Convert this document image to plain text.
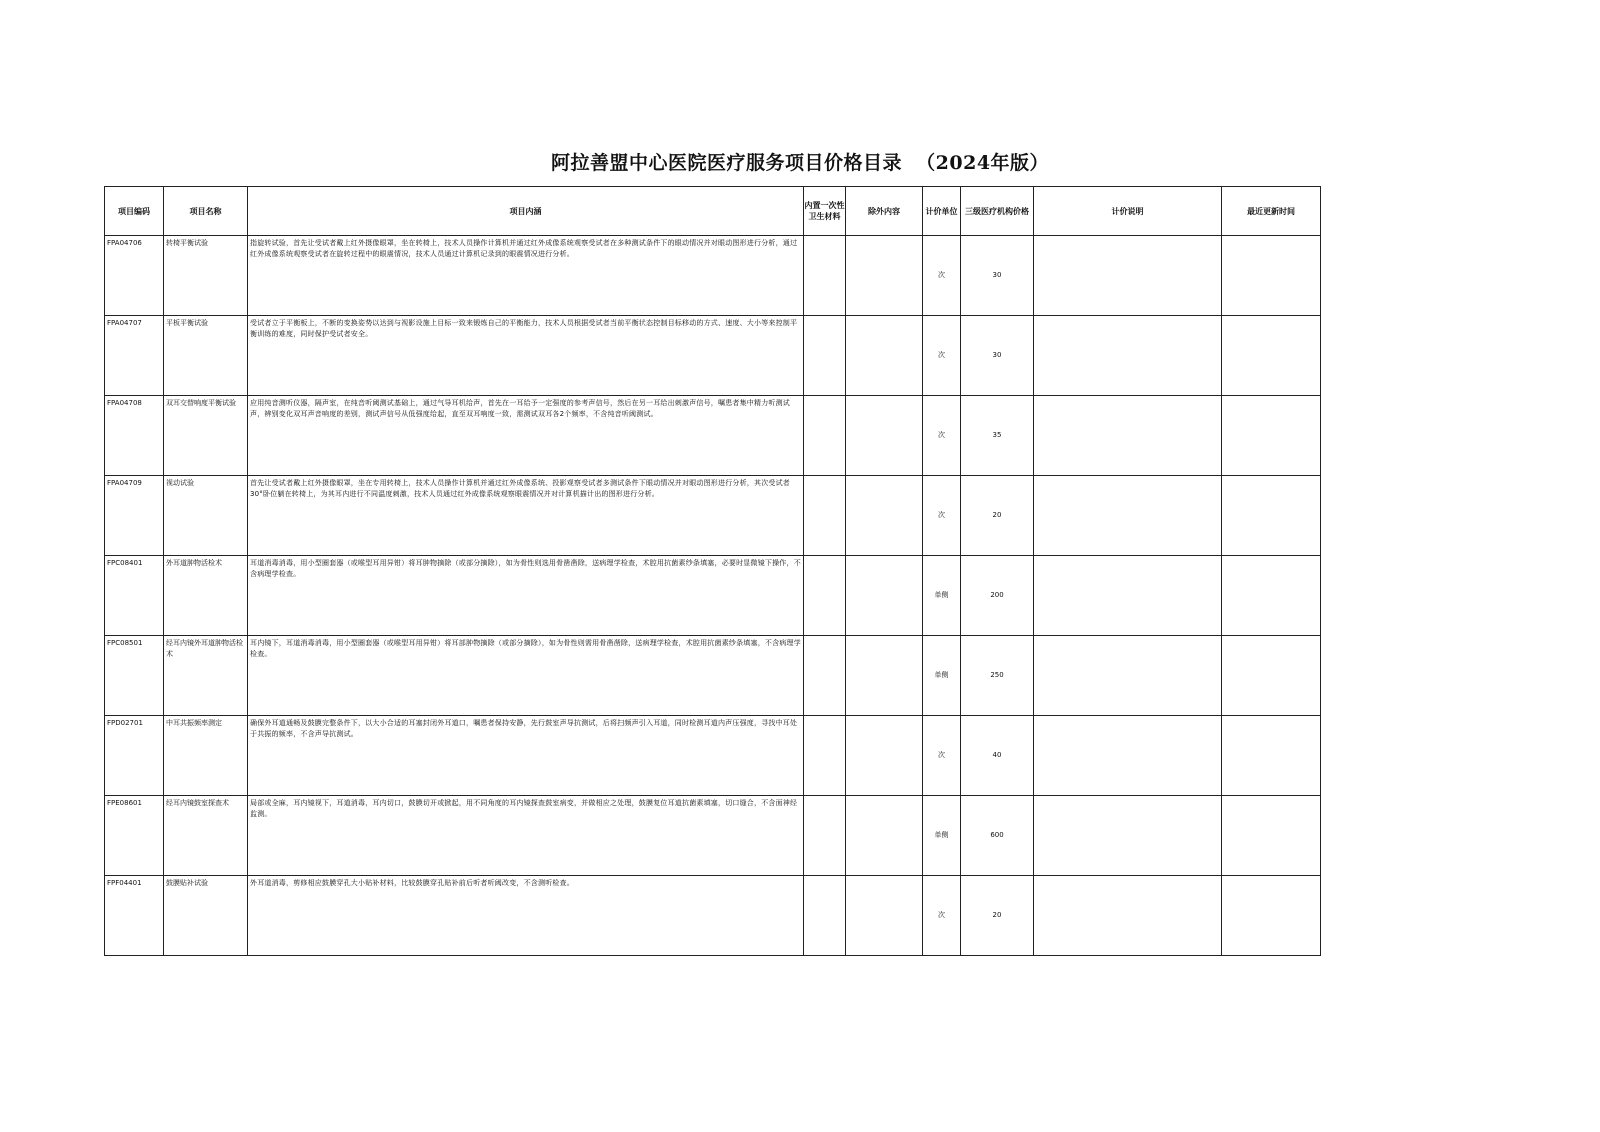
阿拉善盟中心医院医疗服务项目价格目录  （2024年版）
项目编码	项目名称	项目内涵	内置一次性卫生材料	除外内容	计价单位	三级医疗机构价格	计价说明	最近更新时间
FPA04706	转椅平衡试验	指旋转试验，首先让受试者戴上红外摄像眼罩，坐在转椅上，技术人员操作计算机并通过红外成像系统观察受试者在多种测试条件下的眼动情况并对眼动图形进行分析，通过红外成像系统观察受试者在旋转过程中的眼震情况，技术人员通过计算机记录到的眼震情况进行分析。			次	30		
FPA04707	平板平衡试验	受试者立于平衡板上，不断的变换姿势以达到与视影设施上目标一致来锻炼自己的平衡能力，技术人员根据受试者当前平衡状态控制目标移动的方式、速度、大小等来控制平衡训练的难度，同时保护受试者安全。			次	30		
FPA04708	双耳交替响度平衡试验	应用纯音测听仪器，隔声室，在纯音听阈测试基础上，通过气导耳机给声，首先在一耳给予一定强度的参考声信号，然后在另一耳给出刺激声信号，嘱患者集中精力听测试声，辨别变化双耳声音响度的差别，测试声信号从低强度给起，直至双耳响度一致，需测试双耳各2个频率，不含纯音听阈测试。			次	35		
FPA04709	视动试验	首先让受试者戴上红外摄像眼罩，坐在专用转椅上，技术人员操作计算机并通过红外成像系统、投影观察受试者多测试条件下眼动情况并对眼动图形进行分析，其次受试者30°卧位躺在转椅上，为其耳内进行不同温度刺激，技术人员通过红外成像系统观察眼震情况并对计算机描计出的图形进行分析。			次	20		
FPC08401	外耳道肿物活检术	耳道消毒消毒，用小型圈套器（或喉型耳用异钳）将耳肿物摘除（或部分摘除），如为骨性则选用骨凿凿除，送病理学检查，术腔用抗菌素纱条填塞，必要时显微镜下操作，不含病理学检查。			单侧	200		
FPC08501	经耳内镜外耳道肿物活检术	耳内镜下，耳道消毒消毒，用小型圈套器（或喉型耳用异钳）将耳部肿物摘除（或部分摘除），如为骨性则需用骨凿凿除，送病理学检查，术腔用抗菌素纱条填塞，不含病理学检查。			单侧	250		
FPD02701	中耳共振频率测定	确保外耳道通畅及鼓膜完整条件下，以大小合适的耳塞封闭外耳道口，嘱患者保持安静，先行鼓室声导抗测试，后将扫频声引入耳道，同时检测耳道内声压强度，寻找中耳处于共振的频率，不含声导抗测试。			次	40		
FPE08601	经耳内镜鼓室探查术	局部或全麻，耳内镜视下，耳道消毒，耳内切口，鼓膜切开或掀起，用不同角度的耳内镜探查鼓室病变，并做相应之处理，鼓膜复位耳道抗菌素填塞，切口缝合，不含面神经监测。			单侧	600		
FPF04401	鼓膜贴补试验	外耳道消毒，剪修相应鼓膜穿孔大小贴补材料，比较鼓膜穿孔贴补前后听者听阈改变，不含测听检查。			次	20		
